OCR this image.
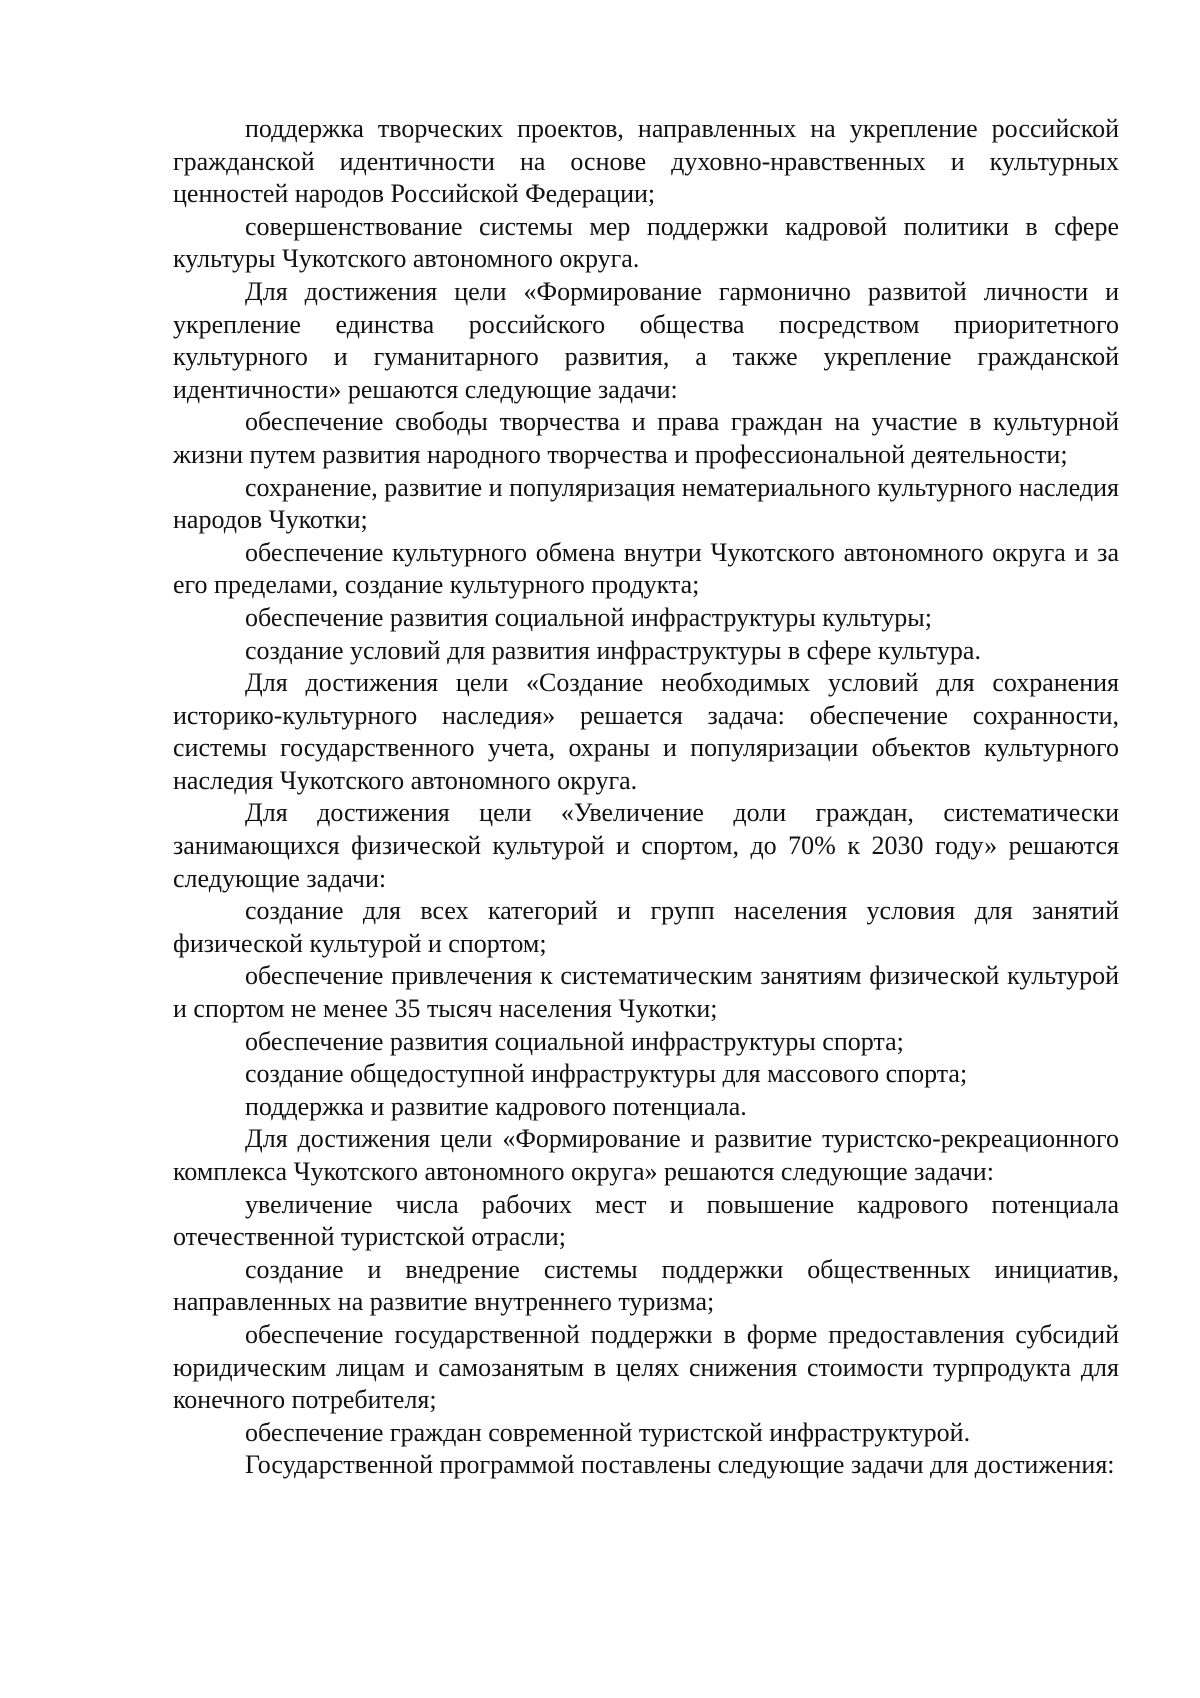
поддержка творческих проектов, направленных на укрепление российской гражданской идентичности на основе духовно-нравственных и культурных ценностей народов Российской Федерации;

совершенствование системы мер поддержки кадровой политики в сфере культуры Чукотского автономного округа.

Для достижения цели «Формирование гармонично развитой личности и укрепление единства российского общества посредством приоритетного культурного и гуманитарного развития, а также укрепление гражданской идентичности» решаются следующие задачи:

обеспечение свободы творчества и права граждан на участие в культурной жизни путем развития народного творчества и профессиональной деятельности;

сохранение, развитие и популяризация нематериального культурного наследия народов Чукотки;

обеспечение культурного обмена внутри Чукотского автономного округа и за его пределами, создание культурного продукта;

обеспечение развития социальной инфраструктуры культуры;

создание условий для развития инфраструктуры в сфере культура.

Для достижения цели «Создание необходимых условий для сохранения историко-культурного наследия» решается задача: обеспечение сохранности, системы государственного учета, охраны и популяризации объектов культурного наследия Чукотского автономного округа.

Для достижения цели «Увеличение доли граждан, систематически занимающихся физической культурой и спортом, до 70% к 2030 году» решаются следующие задачи:

создание для всех категорий и групп населения условия для занятий физической культурой и спортом;

обеспечение привлечения к систематическим занятиям физической культурой и спортом не менее 35 тысяч населения Чукотки;

обеспечение развития социальной инфраструктуры спорта;

создание общедоступной инфраструктуры для массового спорта;

поддержка и развитие кадрового потенциала.

Для достижения цели «Формирование и развитие туристско-рекреационного комплекса Чукотского автономного округа» решаются следующие задачи:

увеличение числа рабочих мест и повышение кадрового потенциала отечественной туристской отрасли;

создание и внедрение системы поддержки общественных инициатив, направленных на развитие внутреннего туризма;

обеспечение государственной поддержки в форме предоставления субсидий юридическим лицам и самозанятым в целях снижения стоимости турпродукта для конечного потребителя;

обеспечение граждан современной туристской инфраструктурой.

Государственной программой поставлены следующие задачи для достижения:
